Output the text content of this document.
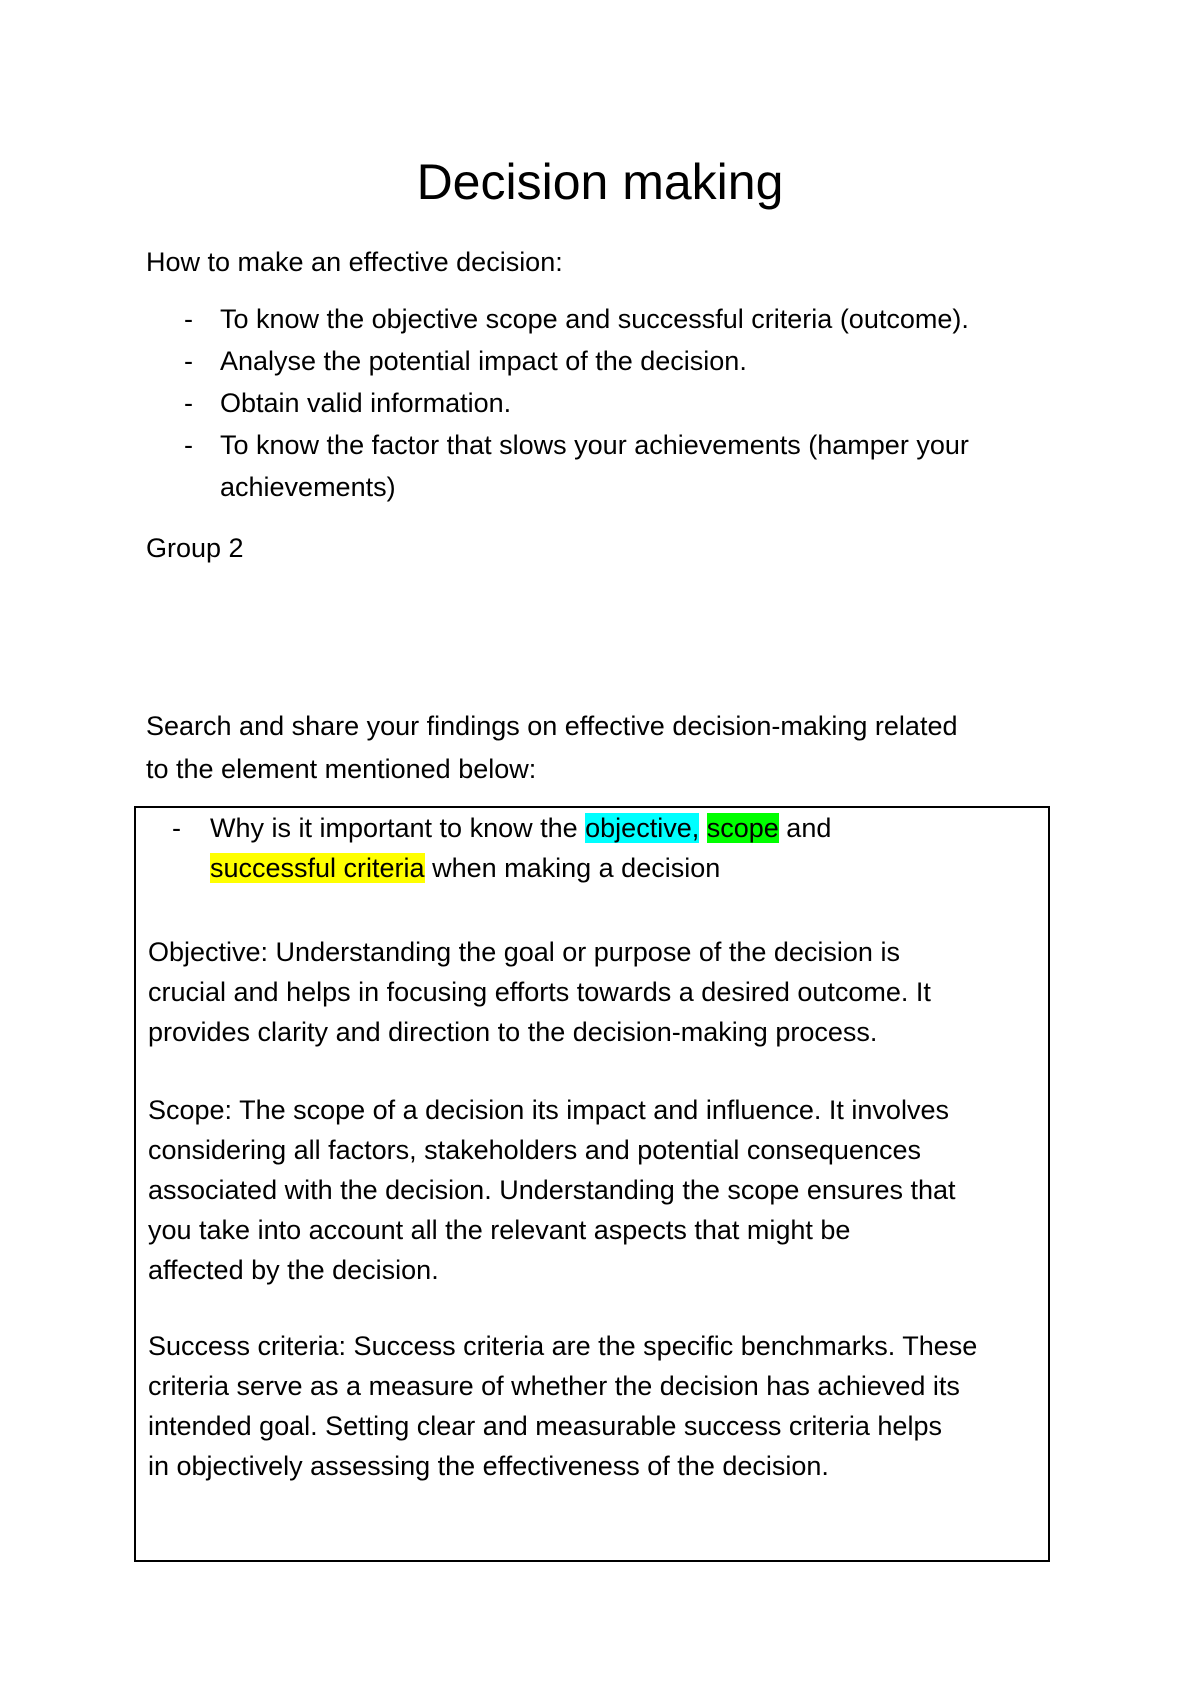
Decision making
How to make an effective decision:
- To know the objective scope and successful criteria (outcome).
- Analyse the potential impact of the decision.
- Obtain valid information.
- To know the factor that slows your achievements (hamper your
achievements)
Group 2
Search and share your findings on effective decision-making related
to the element mentioned below:
- Why is it important to know the objective, scope and
successful criteria when making a decision
Objective: Understanding the goal or purpose of the decision is
crucial and helps in focusing efforts towards a desired outcome. It
provides clarity and direction to the decision-making process.
Scope: The scope of a decision its impact and influence. It involves
considering all factors, stakeholders and potential consequences
associated with the decision. Understanding the scope ensures that
you take into account all the relevant aspects that might be
affected by the decision.
Success criteria: Success criteria are the specific benchmarks. These
criteria serve as a measure of whether the decision has achieved its
intended goal. Setting clear and measurable success criteria helps
in objectively assessing the effectiveness of the decision.
